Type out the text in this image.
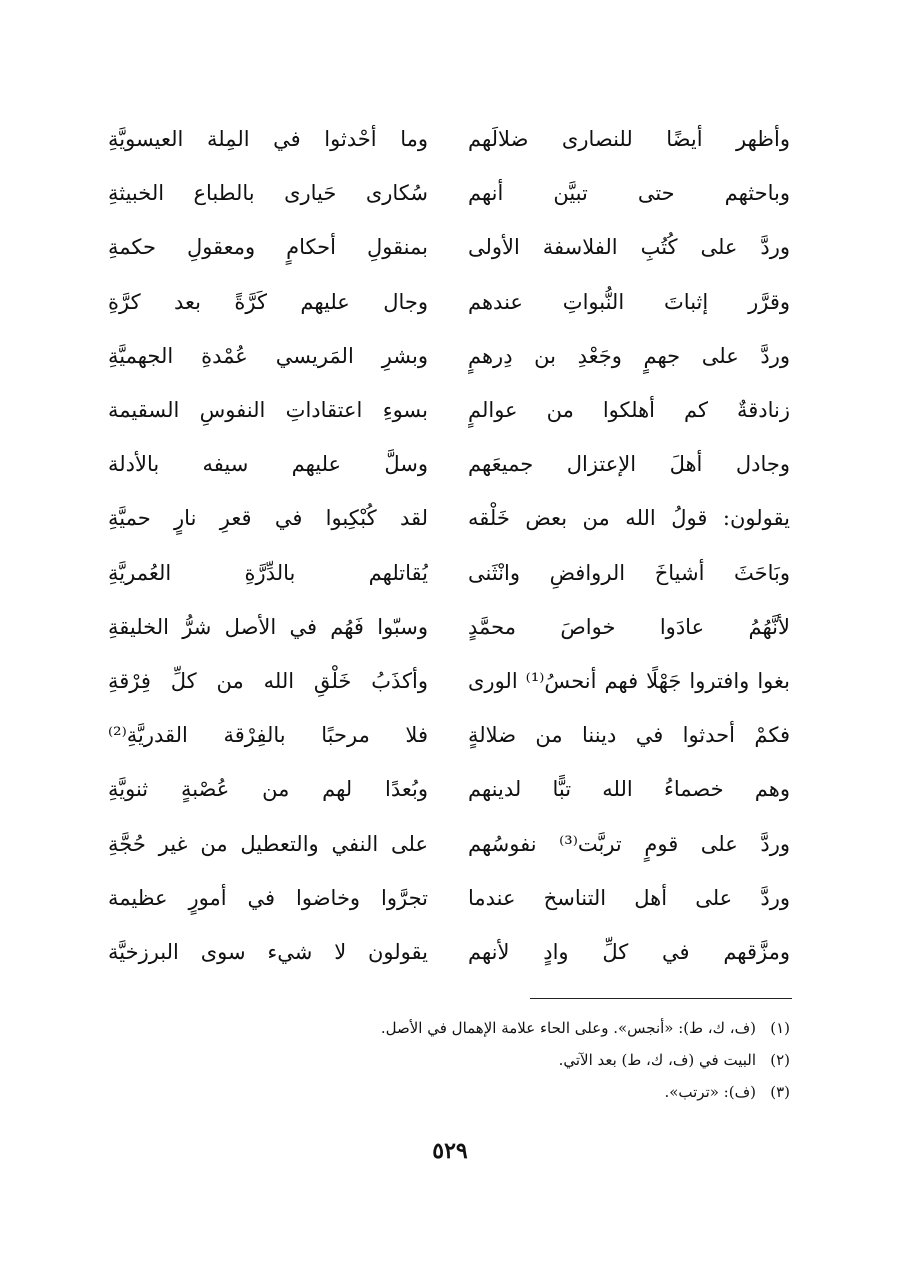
وأظهر أيضًا للنصارى ضلالَهم
وما أحْدثوا في المِلة العيسويَّةِ
وباحثهم حتى تبيَّن أنهم
سُكارى حَيارى بالطباع الخبيثةِ
وردَّ على كُتُبِ الفلاسفة الأولى
بمنقولِ أحكامٍ ومعقولِ حكمةِ
وقرَّر إثباتَ النُّبواتِ عندهم
وجال عليهم كَرَّةً بعد كرَّةِ
وردَّ على جهمٍ وجَعْدِ بن دِرهمٍ
وبشرِ المَريسي عُمْدةِ الجهميَّةِ
زنادقةٌ كم أهلكوا من عوالمٍ
بسوءِ اعتقاداتِ النفوسِ السقيمة
وجادل أهلَ الإعتزال جميعَهم
وسلَّ عليهم سيفه بالأدلة
يقولون: قولُ الله من بعض خَلْقه
لقد كُبْكِبوا في قعرِ نارٍ حميَّةِ
وبَاحَثَ أشياخَ الروافضِ وانْثَنى
يُقاتلهم بالدِّرَّةِ العُمريَّةِ
لأنَّهُمُ عادَوا خواصَ محمَّدٍ
وسبّوا فَهُم في الأصل شرُّ الخليقةِ
بغوا وافتروا جَهْلًا فهم أنحسُ⁽¹⁾ الورى
وأكذَبُ خَلْقِ الله من كلِّ فِرْقةِ
فكمْ أحدثوا في ديننا من ضلالةٍ
فلا مرحبًا بالفِرْقة القدريَّةِ⁽²⁾
وهم خصماءُ الله تبًّا لدينهم
وبُعدًا لهم من عُصْبةٍ ثنويَّةِ
وردَّ على قومٍ تربَّت⁽³⁾ نفوسُهم
على النفي والتعطيل من غير حُجَّةِ
وردَّ على أهل التناسخ عندما
تجرَّوا وخاضوا في أمورٍ عظيمة
ومزَّقهم في كلِّ وادٍ لأنهم
يقولون لا شيء سوى البرزخيَّة
(١)(ف، ك، ط): «أنجس». وعلى الحاء علامة الإهمال في الأصل.
(٢)البيت في (ف، ك، ط) بعد الآتي.
(٣)(ف): «ترتب».
٥٢٩
